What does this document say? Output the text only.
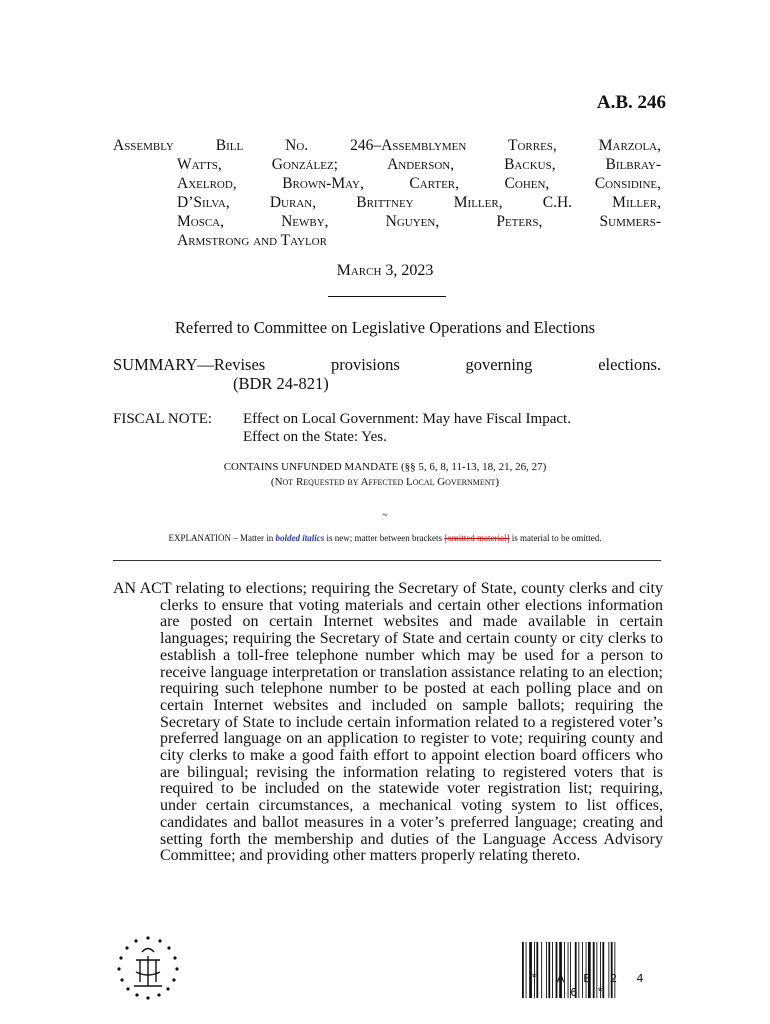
A.B. 246
Assembly Bill No. 246–Assemblymen Torres, Marzola,
Watts, González; Anderson, Backus, Bilbray-
Axelrod, Brown-May, Carter, Cohen, Considine,
D’Silva, Duran, Brittney Miller, C.H. Miller,
Mosca, Newby, Nguyen, Peters, Summers-
Armstrong and Taylor
March 3, 2023
Referred to Committee on Legislative Operations and Elections
SUMMARY—Revises	provisions	governing	elections.
(BDR 24-821)
FISCAL NOTE: Effect on Local Government: May have Fiscal Impact.
Effect on the State: Yes.
CONTAINS UNFUNDED MANDATE (§§ 5, 6, 8, 11-13, 18, 21, 26, 27)
(Not Requested by Affected Local Government)
~
EXPLANATION – Matter in bolded italics is new; matter between brackets [omitted material] is material to be omitted.
AN ACT relating to elections; requiring the Secretary of State, county clerks and city clerks to ensure that voting materials and certain other elections information are posted on certain Internet websites and made available in certain languages; requiring the Secretary of State and certain county or city clerks to establish a toll-free telephone number which may be used for a person to receive language interpretation or translation assistance relating to an election; requiring such telephone number to be posted at each polling place and on certain Internet websites and included on sample ballots; requiring the Secretary of State to include certain information related to a registered voter’s preferred language on an application to register to vote; requiring county and city clerks to make a good faith effort to appoint election board officers who are bilingual; revising the information relating to registered voters that is required to be included on the statewide voter registration list; requiring, under certain circumstances, a mechanical voting system to list offices, candidates and ballot measures in a voter’s preferred language; creating and setting forth the membership and duties of the Language Access Advisory Committee; and providing other matters properly relating thereto.
* A B 2 4 6 *
